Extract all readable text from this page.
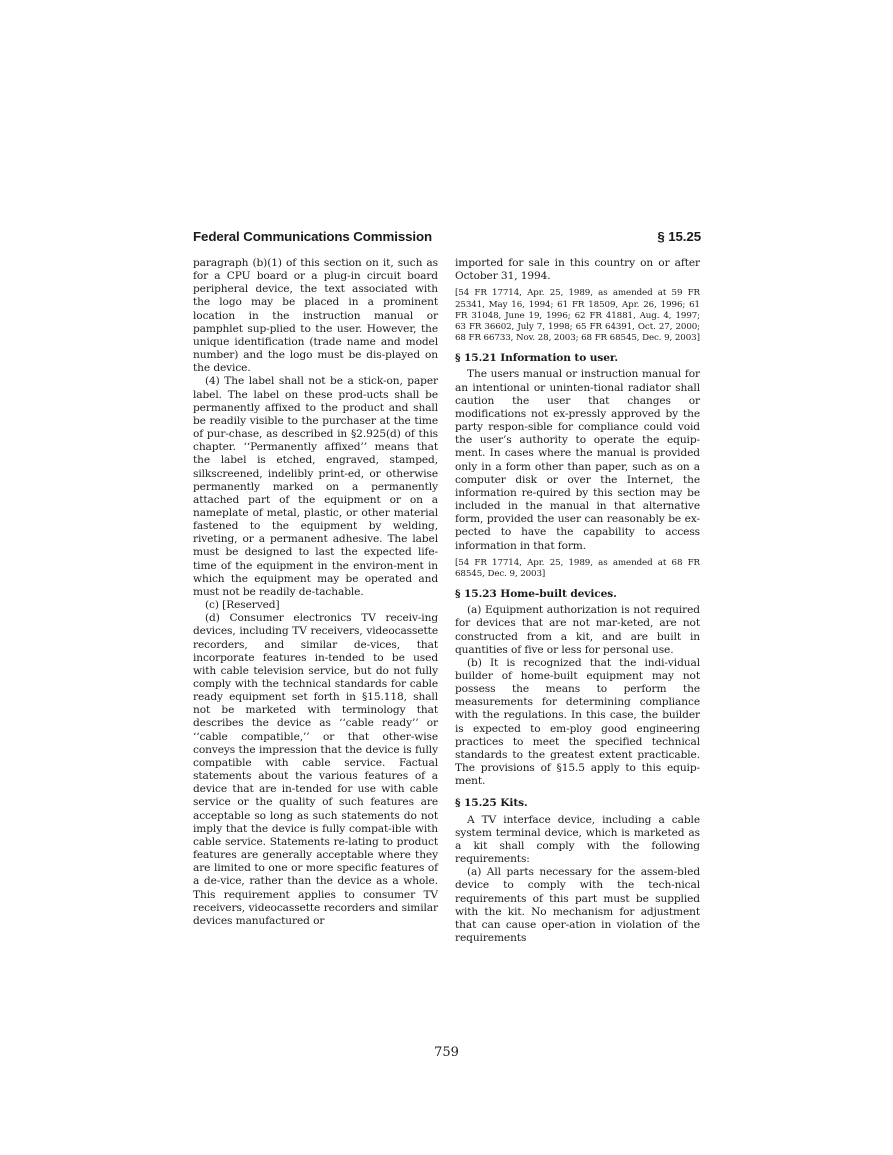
Federal Communications Commission	§ 15.25

paragraph (b)(1) of this section on it, such as for a CPU board or a plug-in circuit board peripheral device, the text associated with the logo may be placed in a prominent location in the instruction manual or pamphlet sup-plied to the user. However, the unique identification (trade name and model number) and the logo must be dis-played on the device.

(4) The label shall not be a stick-on, paper label. The label on these prod-ucts shall be permanently affixed to the product and shall be readily visible to the purchaser at the time of pur-chase, as described in §2.925(d) of this chapter. ‘‘Permanently affixed’’ means that the label is etched, engraved, stamped, silkscreened, indelibly print-ed, or otherwise permanently marked on a permanently attached part of the equipment or on a nameplate of metal, plastic, or other material fastened to the equipment by welding, riveting, or a permanent adhesive. The label must be designed to last the expected life-time of the equipment in the environ-ment in which the equipment may be operated and must not be readily de-tachable.

(c) [Reserved]

(d) Consumer electronics TV receiv-ing devices, including TV receivers, videocassette recorders, and similar de-vices, that incorporate features in-tended to be used with cable television service, but do not fully comply with the technical standards for cable ready equipment set forth in §15.118, shall not be marketed with terminology that describes the device as ‘‘cable ready’’ or ‘‘cable compatible,’’ or that other-wise conveys the impression that the device is fully compatible with cable service. Factual statements about the various features of a device that are in-tended for use with cable service or the quality of such features are acceptable so long as such statements do not imply that the device is fully compat-ible with cable service. Statements re-lating to product features are generally acceptable where they are limited to one or more specific features of a de-vice, rather than the device as a whole. This requirement applies to consumer TV receivers, videocassette recorders and similar devices manufactured or

imported for sale in this country on or after October 31, 1994.

[54 FR 17714, Apr. 25, 1989, as amended at 59 FR 25341, May 16, 1994; 61 FR 18509, Apr. 26, 1996; 61 FR 31048, June 19, 1996; 62 FR 41881, Aug. 4, 1997; 63 FR 36602, July 7, 1998; 65 FR 64391, Oct. 27, 2000; 68 FR 66733, Nov. 28, 2003; 68 FR 68545, Dec. 9, 2003]

§ 15.21 Information to user.

The users manual or instruction manual for an intentional or uninten-tional radiator shall caution the user that changes or modifications not ex-pressly approved by the party respon-sible for compliance could void the user’s authority to operate the equip-ment. In cases where the manual is provided only in a form other than paper, such as on a computer disk or over the Internet, the information re-quired by this section may be included in the manual in that alternative form, provided the user can reasonably be ex-pected to have the capability to access information in that form.

[54 FR 17714, Apr. 25, 1989, as amended at 68 FR 68545, Dec. 9, 2003]

§ 15.23 Home-built devices.

(a) Equipment authorization is not required for devices that are not mar-keted, are not constructed from a kit, and are built in quantities of five or less for personal use.

(b) It is recognized that the indi-vidual builder of home-built equipment may not possess the means to perform the measurements for determining compliance with the regulations. In this case, the builder is expected to em-ploy good engineering practices to meet the specified technical standards to the greatest extent practicable. The provisions of §15.5 apply to this equip-ment.

§ 15.25 Kits.

A TV interface device, including a cable system terminal device, which is marketed as a kit shall comply with the following requirements:

(a) All parts necessary for the assem-bled device to comply with the tech-nical requirements of this part must be supplied with the kit. No mechanism for adjustment that can cause oper-ation in violation of the requirements

759
